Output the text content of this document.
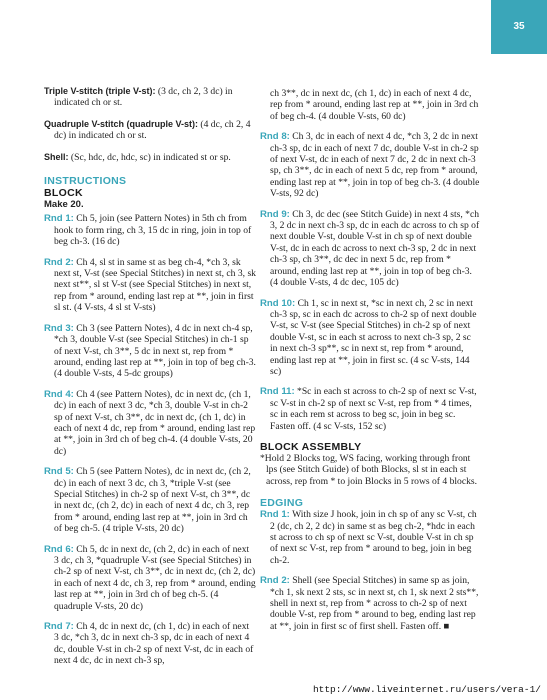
35

Triple V-stitch (triple V-st): (3 dc, ch 2, 3 dc) in indicated ch or st.

Quadruple V-stitch (quadruple V-st): (4 dc, ch 2, 4 dc) in indicated ch or st.

Shell: (Sc, hdc, dc, hdc, sc) in indicated st or sp.

INSTRUCTIONS
BLOCK
Make 20.

Rnd 1: Ch 5, join (see Pattern Notes) in 5th ch from hook to form ring, ch 3, 15 dc in ring, join in top of beg ch-3. (16 dc)

Rnd 2: Ch 4, sl st in same st as beg ch-4, *ch 3, sk next st, V-st (see Special Stitches) in next st, ch 3, sk next st**, sl st V-st (see Special Stitches) in next st, rep from * around, ending last rep at **, join in first sl st. (4 V-sts, 4 sl st V-sts)

Rnd 3: Ch 3 (see Pattern Notes), 4 dc in next ch-4 sp, *ch 3, double V-st (see Special Stitches) in ch-1 sp of next V-st, ch 3**, 5 dc in next st, rep from * around, ending last rep at **, join in top of beg ch-3. (4 double V-sts, 4 5-dc groups)

Rnd 4: Ch 4 (see Pattern Notes), dc in next dc, (ch 1, dc) in each of next 3 dc, *ch 3, double V-st in ch-2 sp of next V-st, ch 3**, dc in next dc, (ch 1, dc) in each of next 4 dc, rep from * around, ending last rep at **, join in 3rd ch of beg ch-4. (4 double V-sts, 20 dc)

Rnd 5: Ch 5 (see Pattern Notes), dc in next dc, (ch 2, dc) in each of next 3 dc, ch 3, *triple V-st (see Special Stitches) in ch-2 sp of next V-st, ch 3**, dc in next dc, (ch 2, dc) in each of next 4 dc, ch 3, rep from * around, ending last rep at **, join in 3rd ch of beg ch-5. (4 triple V-sts, 20 dc)

Rnd 6: Ch 5, dc in next dc, (ch 2, dc) in each of next 3 dc, ch 3, *quadruple V-st (see Special Stitches) in ch-2 sp of next V-st, ch 3**, dc in next dc, (ch 2, dc) in each of next 4 dc, ch 3, rep from * around, ending last rep at **, join in 3rd ch of beg ch-5. (4 quadruple V-sts, 20 dc)

Rnd 7: Ch 4, dc in next dc, (ch 1, dc) in each of next 3 dc, *ch 3, dc in next ch-3 sp, dc in each of next 4 dc, double V-st in ch-2 sp of next V-st, dc in each of next 4 dc, dc in next ch-3 sp,

ch 3**, dc in next dc, (ch 1, dc) in each of next 4 dc, rep from * around, ending last rep at **, join in 3rd ch of beg ch-4. (4 double V-sts, 60 dc)

Rnd 8: Ch 3, dc in each of next 4 dc, *ch 3, 2 dc in next ch-3 sp, dc in each of next 7 dc, double V-st in ch-2 sp of next V-st, dc in each of next 7 dc, 2 dc in next ch-3 sp, ch 3**, dc in each of next 5 dc, rep from * around, ending last rep at **, join in top of beg ch-3. (4 double V-sts, 92 dc)

Rnd 9: Ch 3, dc dec (see Stitch Guide) in next 4 sts, *ch 3, 2 dc in next ch-3 sp, dc in each dc across to ch sp of next double V-st, double V-st in ch sp of next double V-st, dc in each dc across to next ch-3 sp, 2 dc in next ch-3 sp, ch 3**, dc dec in next 5 dc, rep from * around, ending last rep at **, join in top of beg ch-3. (4 double V-sts, 4 dc dec, 105 dc)

Rnd 10: Ch 1, sc in next st, *sc in next ch, 2 sc in next ch-3 sp, sc in each dc across to ch-2 sp of next double V-st, sc V-st (see Special Stitches) in ch-2 sp of next double V-st, sc in each st across to next ch-3 sp, 2 sc in next ch-3 sp**, sc in next st, rep from * around, ending last rep at **, join in first sc. (4 sc V-sts, 144 sc)

Rnd 11: *Sc in each st across to ch-2 sp of next sc V-st, sc V-st in ch-2 sp of next sc V-st, rep from * 4 times, sc in each rem st across to beg sc, join in beg sc. Fasten off. (4 sc V-sts, 152 sc)

BLOCK ASSEMBLY

*Hold 2 Blocks tog, WS facing, working through front lps (see Stitch Guide) of both Blocks, sl st in each st across, rep from * to join Blocks in 5 rows of 4 blocks.

EDGING

Rnd 1: With size J hook, join in ch sp of any sc V-st, ch 2 (dc, ch 2, 2 dc) in same st as beg ch-2, *hdc in each st across to ch sp of next sc V-st, double V-st in ch sp of next sc V-st, rep from * around to beg, join in beg ch-2.

Rnd 2: Shell (see Special Stitches) in same sp as join, *ch 1, sk next 2 sts, sc in next st, ch 1, sk next 2 sts**, shell in next st, rep from * across to ch-2 sp of next double V-st, rep from * around to beg, ending last rep at **, join in first sc of first shell. Fasten off. ■

http://www.liveinternet.ru/users/vera-1/
